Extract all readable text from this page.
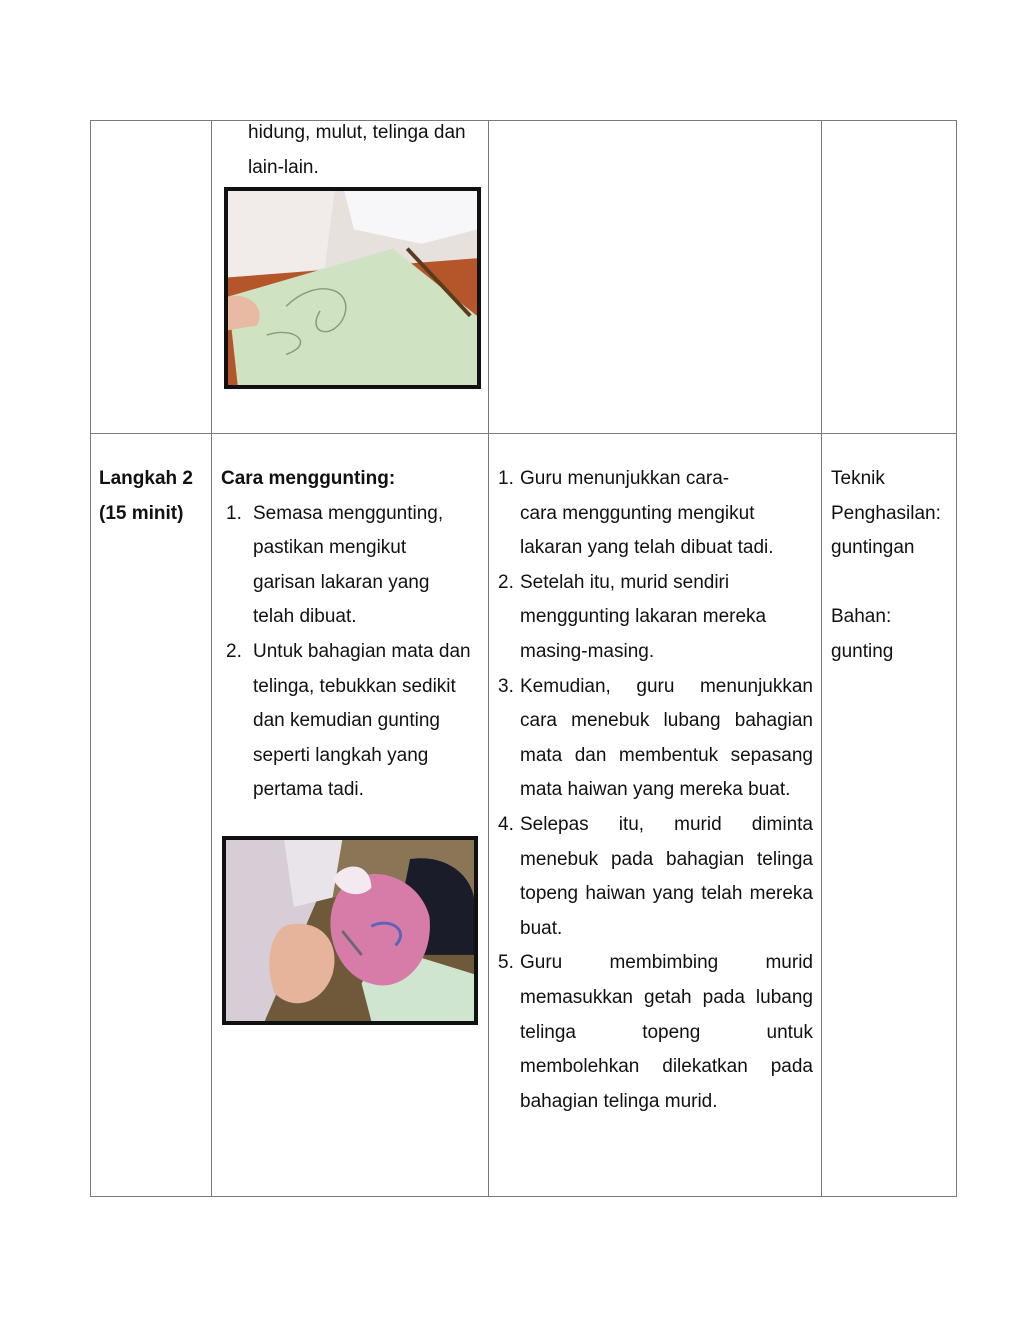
hidung, mulut, telinga dan
lain-lain.
Langkah 2
(15 minit)
Cara menggunting:
1. Semasa menggunting,
pastikan mengikut
garisan lakaran yang
telah dibuat.
2. Untuk bahagian mata dan
telinga, tebukkan sedikit
dan kemudian gunting
seperti langkah yang
pertama tadi.
1. Guru menunjukkan cara-
cara menggunting mengikut
lakaran yang telah dibuat tadi.
2. Setelah itu, murid sendiri
menggunting lakaran mereka
masing-masing.
3. Kemudian, guru menunjukkan cara menebuk lubang bahagian mata dan membentuk sepasang mata haiwan yang mereka buat.
4. Selepas itu, murid diminta menebuk pada bahagian telinga topeng haiwan yang telah mereka buat.
5. Guru membimbing murid memasukkan getah pada lubang telinga topeng untuk membolehkan dilekatkan pada bahagian telinga murid.
Teknik
Penghasilan:
guntingan
Bahan:
gunting
